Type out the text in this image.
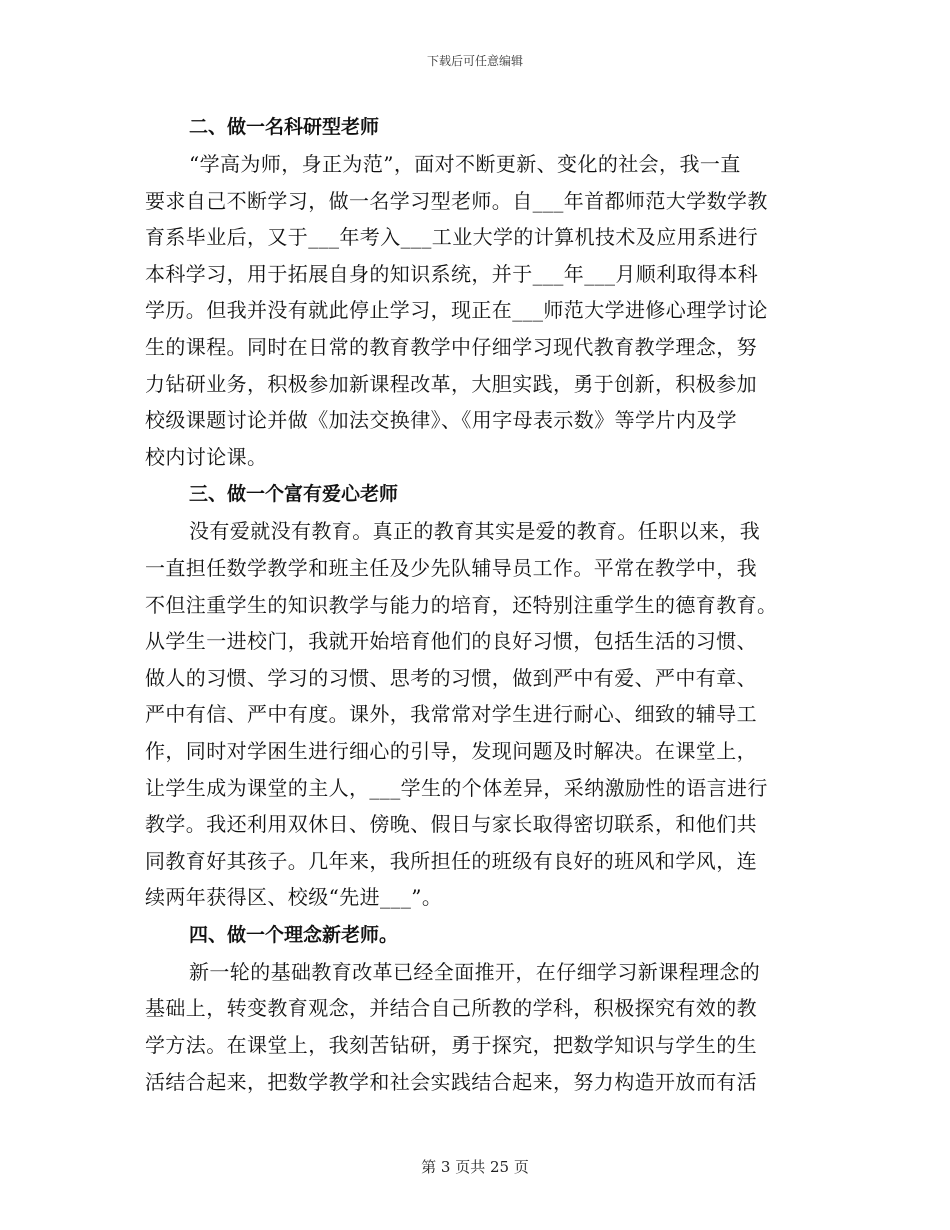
下载后可任意编辑

二、做一名科研型老师

“学高为师，身正为范”，面对不断更新、变化的社会，我一直

要求自己不断学习，做一名学习型老师。自___年首都师范大学数学教

育系毕业后，又于___年考入___工业大学的计算机技术及应用系进行

本科学习，用于拓展自身的知识系统，并于___年___月顺利取得本科

学历。但我并没有就此停止学习，现正在___师范大学进修心理学讨论

生的课程。同时在日常的教育教学中仔细学习现代教育教学理念，努

力钻研业务，积极参加新课程改革，大胆实践，勇于创新，积极参加

校级课题讨论并做《加法交换律》、《用字母表示数》等学片内及学

校内讨论课。

三、做一个富有爱心老师

没有爱就没有教育。真正的教育其实是爱的教育。任职以来，我

一直担任数学教学和班主任及少先队辅导员工作。平常在教学中，我

不但注重学生的知识教学与能力的培育，还特别注重学生的德育教育。

从学生一进校门，我就开始培育他们的良好习惯，包括生活的习惯、

做人的习惯、学习的习惯、思考的习惯，做到严中有爱、严中有章、

严中有信、严中有度。课外，我常常对学生进行耐心、细致的辅导工

作，同时对学困生进行细心的引导，发现问题及时解决。在课堂上，

让学生成为课堂的主人，___学生的个体差异，采纳激励性的语言进行

教学。我还利用双休日、傍晚、假日与家长取得密切联系，和他们共

同教育好其孩子。几年来，我所担任的班级有良好的班风和学风，连

续两年获得区、校级“先进___”。

四、做一个理念新老师。

新一轮的基础教育改革已经全面推开，在仔细学习新课程理念的

基础上，转变教育观念，并结合自己所教的学科，积极探究有效的教

学方法。在课堂上，我刻苦钻研，勇于探究，把数学知识与学生的生

活结合起来，把数学教学和社会实践结合起来，努力构造开放而有活

第 3 页共 25 页
